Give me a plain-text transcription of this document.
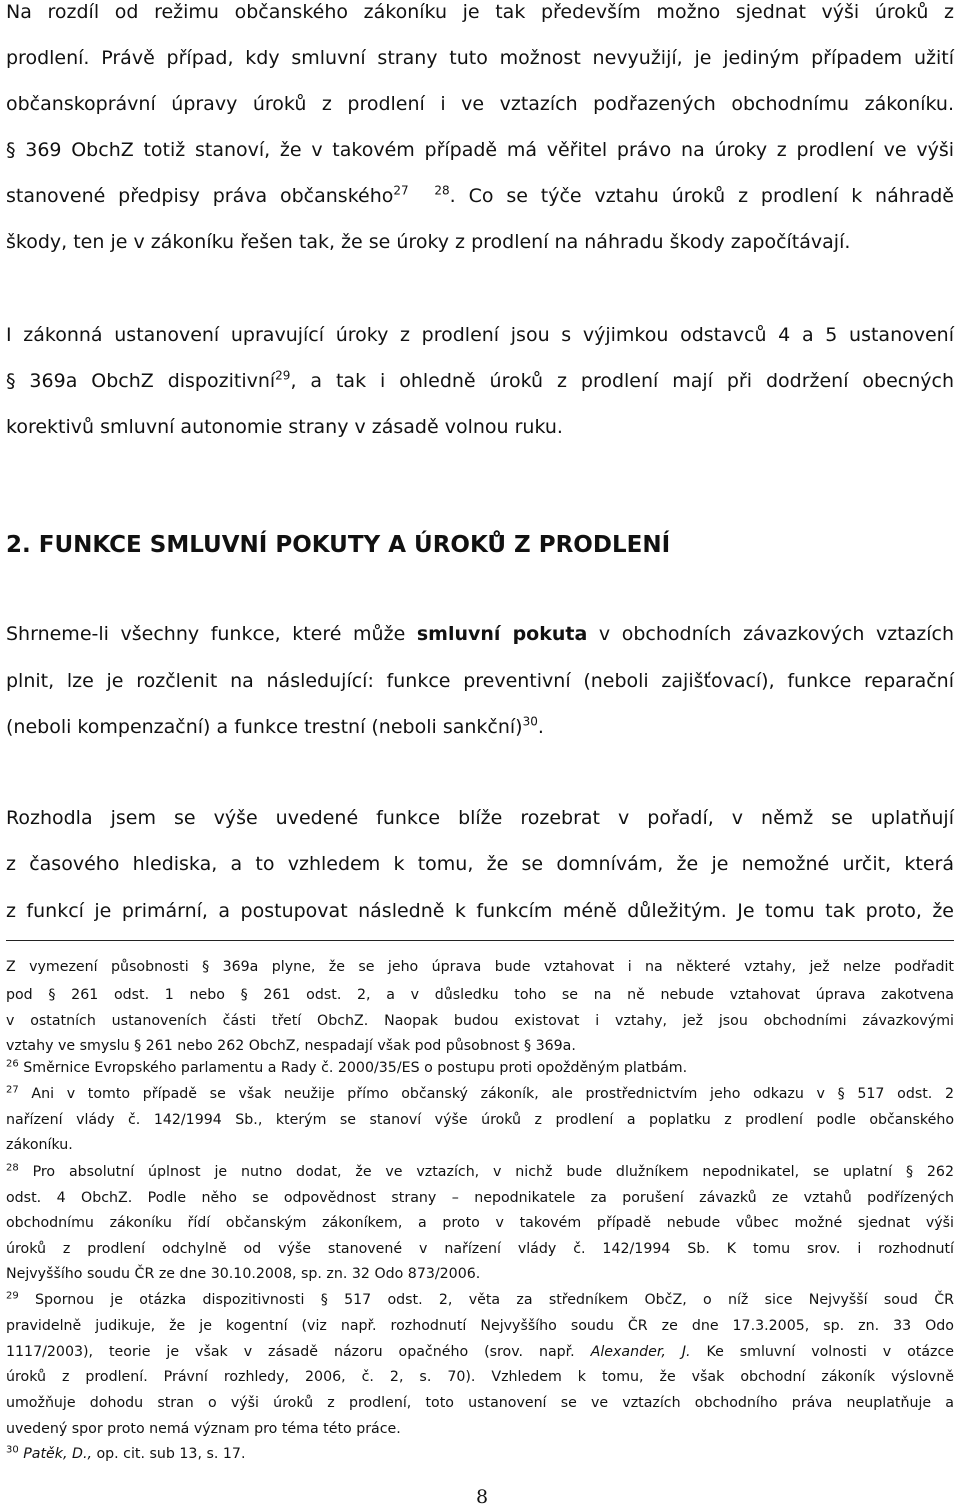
Na rozdíl od režimu občanského zákoníku je tak především možno sjednat výši úroků z
prodlení. Právě případ, kdy smluvní strany tuto možnost nevyužijí, je jediným případem užití
občanskoprávní úpravy úroků z prodlení i ve vztazích podřazených obchodnímu zákoníku.
§ 369 ObchZ totiž stanoví, že v takovém případě má věřitel právo na úroky z prodlení ve výši
stanovené předpisy práva občanského$^{27}$ $^{28}$. Co se týče vztahu úroků z prodlení k náhradě
škody, ten je v zákoníku řešen tak, že se úroky z prodlení na náhradu škody započítávají.
I zákonná ustanovení upravující úroky z prodlení jsou s výjimkou odstavců 4 a 5 ustanovení
§ 369a ObchZ dispozitivní$^{29}$, a tak i ohledně úroků z prodlení mají při dodržení obecných
korektivů smluvní autonomie strany v zásadě volnou ruku.
2. FUNKCE SMLUVNÍ POKUTY A ÚROKŮ Z PRODLENÍ
Shrneme-li všechny funkce, které může smluvní pokuta v obchodních závazkových vztazích
plnit, lze je rozčlenit na následující: funkce preventivní (neboli zajišťovací), funkce reparační
(neboli kompenzační) a funkce trestní (neboli sankční)$^{30}$.
Rozhodla jsem se výše uvedené funkce blíže rozebrat v pořadí, v němž se uplatňují
z časového hlediska, a to vzhledem k tomu, že se domnívám, že je nemožné určit, která
z funkcí je primární, a postupovat následně k funkcím méně důležitým. Je tomu tak proto, že
Z vymezení působnosti § 369a plyne, že se jeho úprava bude vztahovat i na některé vztahy, jež nelze podřadit
pod § 261 odst. 1 nebo § 261 odst. 2, a v důsledku toho se na ně nebude vztahovat úprava zakotvena
v ostatních ustanoveních části třetí ObchZ. Naopak budou existovat i vztahy, jež jsou obchodními závazkovými
vztahy ve smyslu § 261 nebo 262 ObchZ, nespadají však pod působnost § 369a.
$^{26}$ Směrnice Evropského parlamentu a Rady č. 2000/35/ES o postupu proti opožděným platbám.
$^{27}$ Ani v tomto případě se však neužije přímo občanský zákoník, ale prostřednictvím jeho odkazu v § 517 odst. 2
nařízení vlády č. 142/1994 Sb., kterým se stanoví výše úroků z prodlení a poplatku z prodlení podle občanského
zákoníku.
$^{28}$ Pro absolutní úplnost je nutno dodat, že ve vztazích, v nichž bude dlužníkem nepodnikatel, se uplatní § 262
odst. 4 ObchZ. Podle něho se odpovědnost strany – nepodnikatele za porušení závazků ze vztahů podřízených
obchodnímu zákoníku řídí občanským zákoníkem, a proto v takovém případě nebude vůbec možné sjednat výši
úroků z prodlení odchylně od výše stanovené v nařízení vlády č. 142/1994 Sb. K tomu srov. i rozhodnutí
Nejvyššího soudu ČR ze dne 30.10.2008, sp. zn. 32 Odo 873/2006.
$^{29}$ Spornou je otázka dispozitivnosti § 517 odst. 2, věta za středníkem ObčZ, o níž sice Nejvyšší soud ČR
pravidelně judikuje, že je kogentní (viz např. rozhodnutí Nejvyššího soudu ČR ze dne 17.3.2005, sp. zn. 33 Odo
1117/2003), teorie je však v zásadě názoru opačného (srov. např. Alexander, J. Ke smluvní volnosti v otázce
úroků z prodlení. Právní rozhledy, 2006, č. 2, s. 70). Vzhledem k tomu, že však obchodní zákoník výslovně
umožňuje dohodu stran o výši úroků z prodlení, toto ustanovení se ve vztazích obchodního práva neuplatňuje a
uvedený spor proto nemá význam pro téma této práce.
$^{30}$ Patěk, D., op. cit. sub 13, s. 17.
8
